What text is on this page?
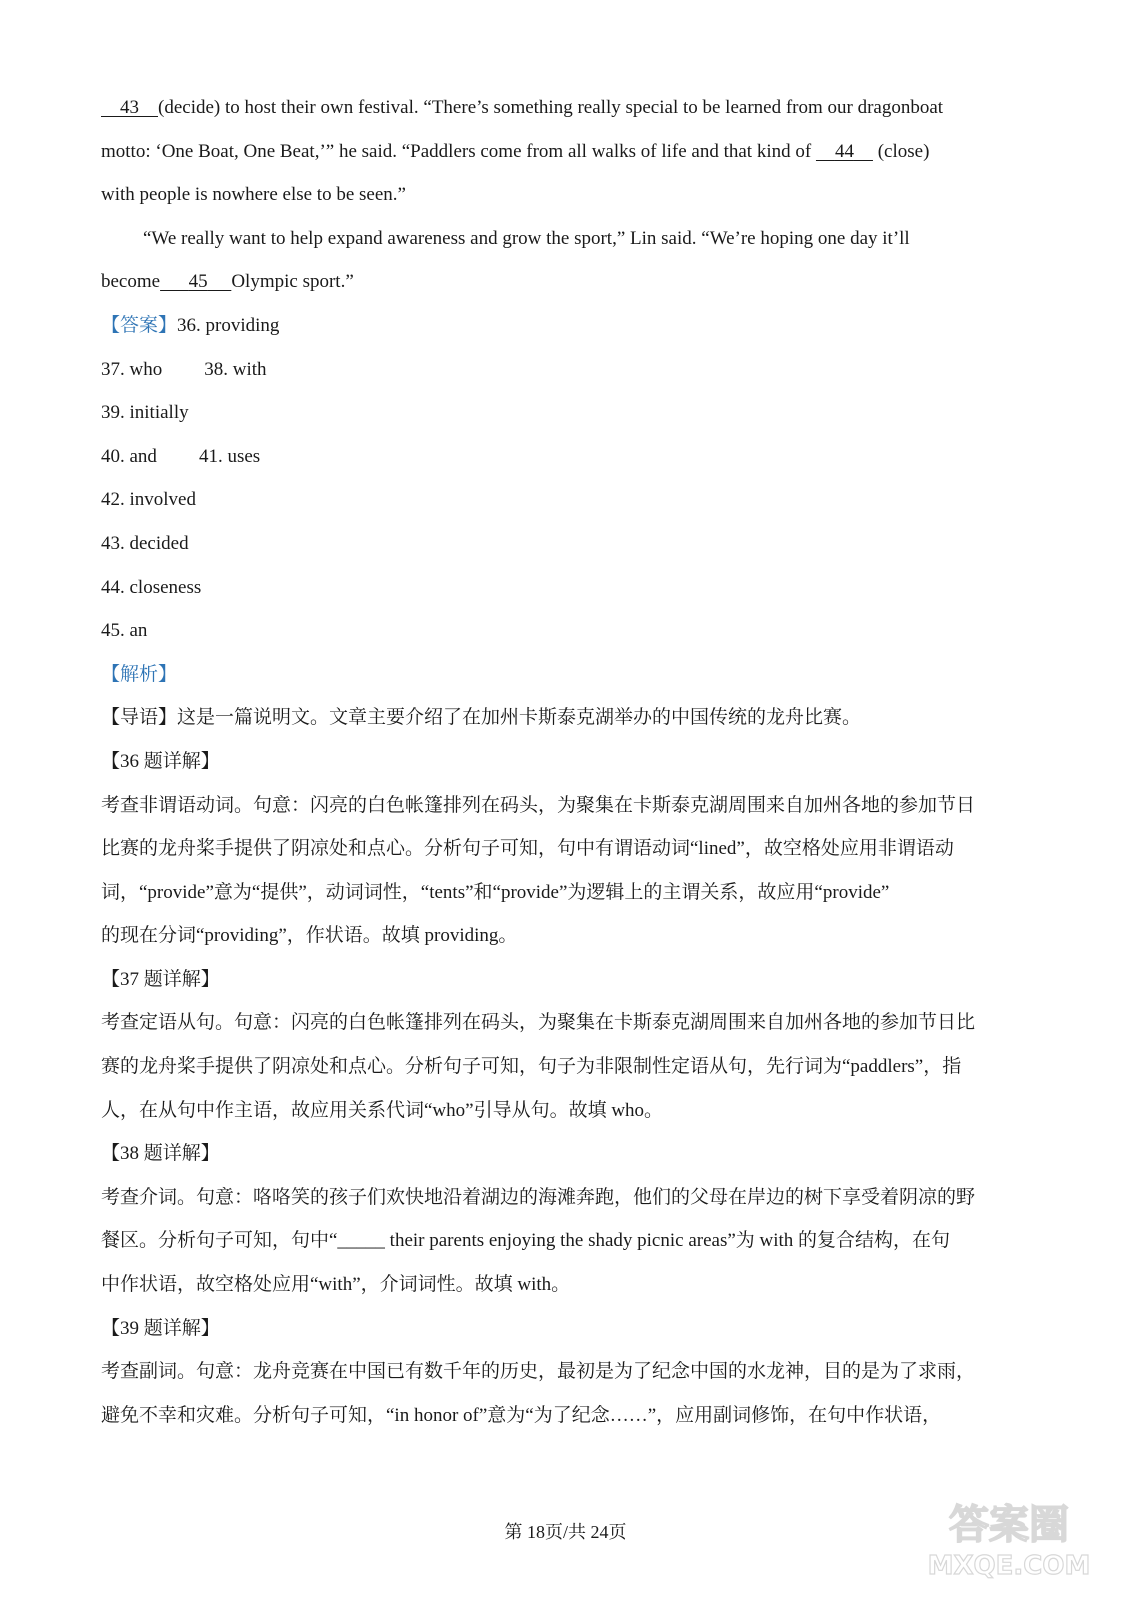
43 (decide) to host their own festival. “There’s something really special to be learned from our dragonboat
motto: ‘One Boat, One Beat,’” he said. “Paddlers come from all walks of life and that kind of 44 (close)
with people is nowhere else to be seen.”
“We really want to help expand awareness and grow the sport,” Lin said. “We’re hoping one day it’ll
become 45 Olympic sport.”
【答案】36. providing
37. who 38. with
39. initially
40. and 41. uses
42. involved
43. decided
44. closeness
45. an
【解析】
【导语】这是一篇说明文。文章主要介绍了在加州卡斯泰克湖举办的中国传统的龙舟比赛。
【36 题详解】
考查非谓语动词。句意：闪亮的白色帐篷排列在码头，为聚集在卡斯泰克湖周围来自加州各地的参加节日
比赛的龙舟桨手提供了阴凉处和点心。分析句子可知，句中有谓语动词“lined”，故空格处应用非谓语动
词，“provide”意为“提供”，动词词性，“tents”和“provide”为逻辑上的主谓关系，故应用“provide”
的现在分词“providing”，作状语。故填 providing。
【37 题详解】
考查定语从句。句意：闪亮的白色帐篷排列在码头，为聚集在卡斯泰克湖周围来自加州各地的参加节日比
赛的龙舟桨手提供了阴凉处和点心。分析句子可知，句子为非限制性定语从句，先行词为“paddlers”，指
人，在从句中作主语，故应用关系代词“who”引导从句。故填 who。
【38 题详解】
考查介词。句意：咯咯笑的孩子们欢快地沿着湖边的海滩奔跑，他们的父母在岸边的树下享受着阴凉的野
餐区。分析句子可知，句中“_____ their parents enjoying the shady picnic areas”为 with 的复合结构，在句
中作状语，故空格处应用“with”，介词词性。故填 with。
【39 题详解】
考查副词。句意：龙舟竞赛在中国已有数千年的历史，最初是为了纪念中国的水龙神，目的是为了求雨，
避免不幸和灾难。分析句子可知，“in honor of”意为“为了纪念……”，应用副词修饰，在句中作状语，
第 18页/共 24页	答案圈
MXQE.COM
